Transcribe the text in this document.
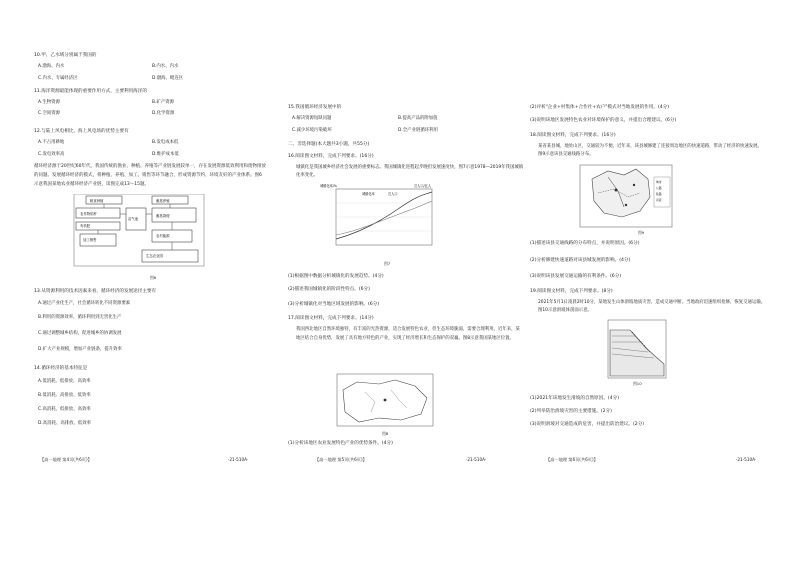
10.甲、乙水域分别属于我国的
A.渤海、内水	B.内水、内水
C.内水、专属经济区	D.渤海、毗连区
11.海洋资源最能体现的重要作用方式，主要利用海洋的
A.生物资源	B.矿产资源
C.空间资源	D.化学资源
12.与陆上风电相比，海上风电场的优势主要有
A.不占用耕地	B.发电成本低
C.发电效率高	D.维护成本低
循环经济源于20世纪60年代，我国传统的渔业、种植、养殖等产业链发展较单一，存在发展资源低效利用和废物排放的问题。发展循环经济的模式，将种植、养殖、加工、销售等环节融合，形成资源节约、环境友好的产业体系。图6示意我国某地农业循环经济产业链，读图完成13～15题。
粮食种植	畜禽养殖
农作物秸秆	畜禽粪便
沼气池
有机肥
加工销售
农村能源
生态农业园
图6
13.从资源利用的技术因素来看，循环经济的发展途径主要有
A.通过产业化生产，社会循环转化不同资源要素
B.利用的资源效率，循环利用到无害化生产
C.通过调整城乡结构，促进城乡的协调发展
D.扩大产业规模，增加产业链条，提升效率
14.循环经济的基本特征是
A.低消耗、低排放、高效率
B.低消耗、高排放、低效率
C.高消耗、低排放、高效率
D.高消耗、高排放、低效率
【高一地理 第4页(共6页)】	·21-510A·
15.我国循环经济发展中的
A.解决资源短缺问题	B.提高产品的附加值
C.减少环境污染破坏	D.全产业链循环利用
二、非选择题(本大题共3小题，共55分)
16.阅读图文材料，完成下列要求。(16分)
城镇化是我国城乡经济社会发展的重要标志。我国城镇化进程起步晚但发展速度快，图7示意1978—2019年我国城镇化率变化。
城镇化率/%	总人口/亿人
城镇化率	总人口
图7
(1)根据图中数据分析城镇化的发展趋势。(4分)
(2)描述我国城镇化的阶段性特点。(6分)
(3)分析城镇化对当地区域发展的影响。(6分)
17.阅读图文材料，完成下列要求。(14分)
我国西北地区自然环境独特，有丰富的光热资源，适合发展特色农业，但生态环境脆弱，需要合理利用。近年来，某地区结合自身优势，发展了具有地方特色的产业，实现了经济增长和生态保护的双赢。图8示意我国某地区位置。
图8
(1)分析该地区农业发展特色产业的优势条件。(4分)
【高一地理 第5页(共6页)】	·21-510A·
(2)评析"企业+村集体+合作社+农户"模式对当地发展的作用。(4分)
(3)说明该地区发展特色农业对环境保护的意义，并提出合理建议。(6分)
18.阅读图文材料，完成下列要求。(16分)
某省某县城，地处山区，交通较为不便。近年来，该县城修建了连接周边地区的快速道路，带动了经济的快速发展。图9示意该县交通线路分布。
城市
公路
铁路
河流
图9
(1)描述该县交通线路的分布特点，并说明原因。(6分)
(2)分析修建快速道路对该县城发展的影响。(4分)
(3)说明该县发展交通运输的有利条件。(6分)
19.阅读图文材料，完成下列要求。(8分)
2021年5月1日凌晨2时10分，某地发生山体滑坡地质灾害，造成交通中断。当地政府迅速组织抢修，恢复交通运输。图10示意滑坡体剖面示意。
图10
(1)2021年该地发生滑坡的自然原因。(4分)
(2)列举防治滑坡灾害的主要措施。(2分)
(3)说明滑坡对交通造成的危害，并提出防治建议。(2分)
【高一地理 第6页(共6页)】	·21-510A·
